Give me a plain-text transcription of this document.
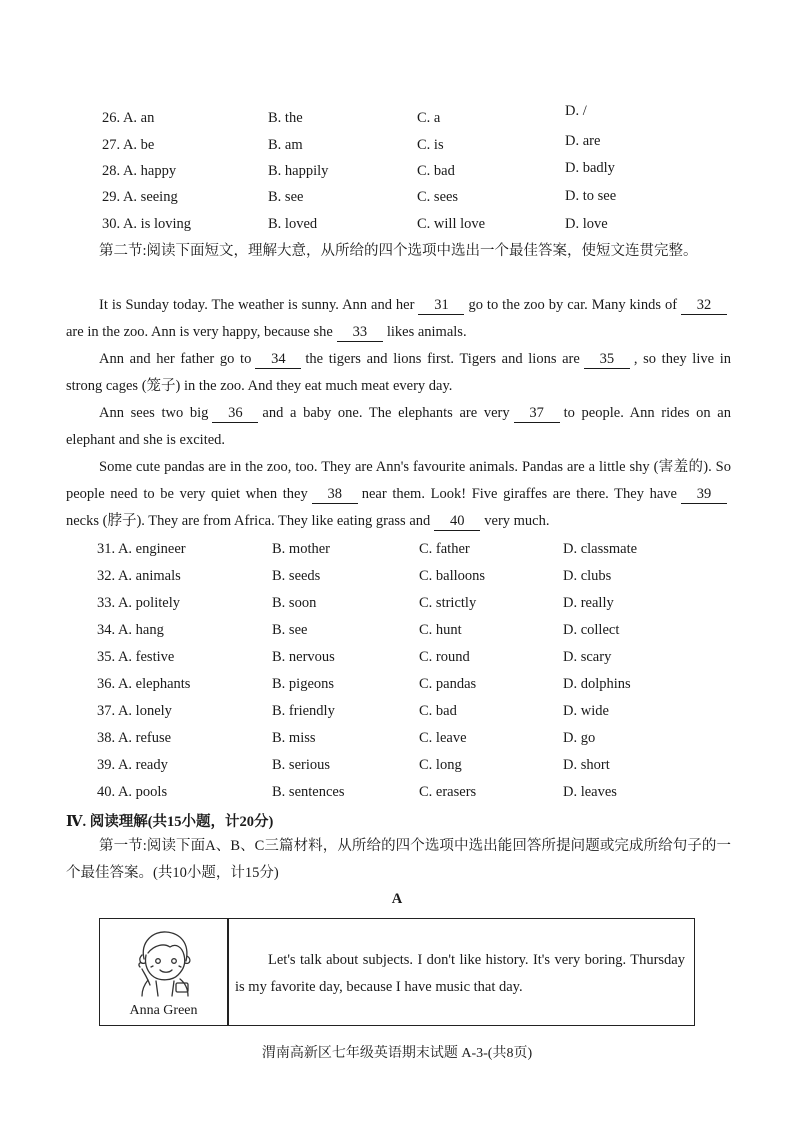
26. A. an	B. the	C. a	D. /
27. A. be	B. am	C. is	D. are
28. A. happy	B. happily	C. bad	D. badly
29. A. seeing	B. see	C. sees	D. to see
30. A. is loving	B. loved	C. will love	D. love
第二节:阅读下面短文，理解大意，从所给的四个选项中选出一个最佳答案，使短文连贯完整。

It is Sunday today. The weather is sunny. Ann and her 31 go to the zoo by car. Many kinds of 32are in the zoo. Ann is very happy, because she 33 likes animals.

Ann and her father go to 34 the tigers and lions first. Tigers and lions are 35 , so they live in strong cages (笼子) in the zoo. And they eat much meat every day.

Ann sees two big 36 and a baby one. The elephants are very 37 to people. Ann rides on an elephant and she is excited.

Some cute pandas are in the zoo, too. They are Ann's favourite animals. Pandas are a little shy (害羞的). So people need to be very quiet when they 38 near them. Look! Five giraffes are there. They have 39necks (脖子). They are from Africa. They like eating grass and 40 very much.

31. A. engineer	B. mother	C. father	D. classmate
32. A. animals	B. seeds	C. balloons	D. clubs
33. A. politely	B. soon	C. strictly	D. really
34. A. hang	B. see	C. hunt	D. collect
35. A. festive	B. nervous	C. round	D. scary
36. A. elephants	B. pigeons	C. pandas	D. dolphins
37. A. lonely	B. friendly	C. bad	D. wide
38. A. refuse	B. miss	C. leave	D. go
39. A. ready	B. serious	C. long	D. short
40. A. pools	B. sentences	C. erasers	D. leaves
Ⅳ. 阅读理解(共15小题，计20分)
第一节:阅读下面A、B、C三篇材料，从所给的四个选项中选出能回答所提问题或完成所给句子的一个最佳答案。(共10小题，计15分)
A
Anna Green

Let's talk about subjects. I don't like history. It's very boring. Thursday is my favorite day, because I have music that day.

渭南高新区七年级英语期末试题 A-3-(共8页)
